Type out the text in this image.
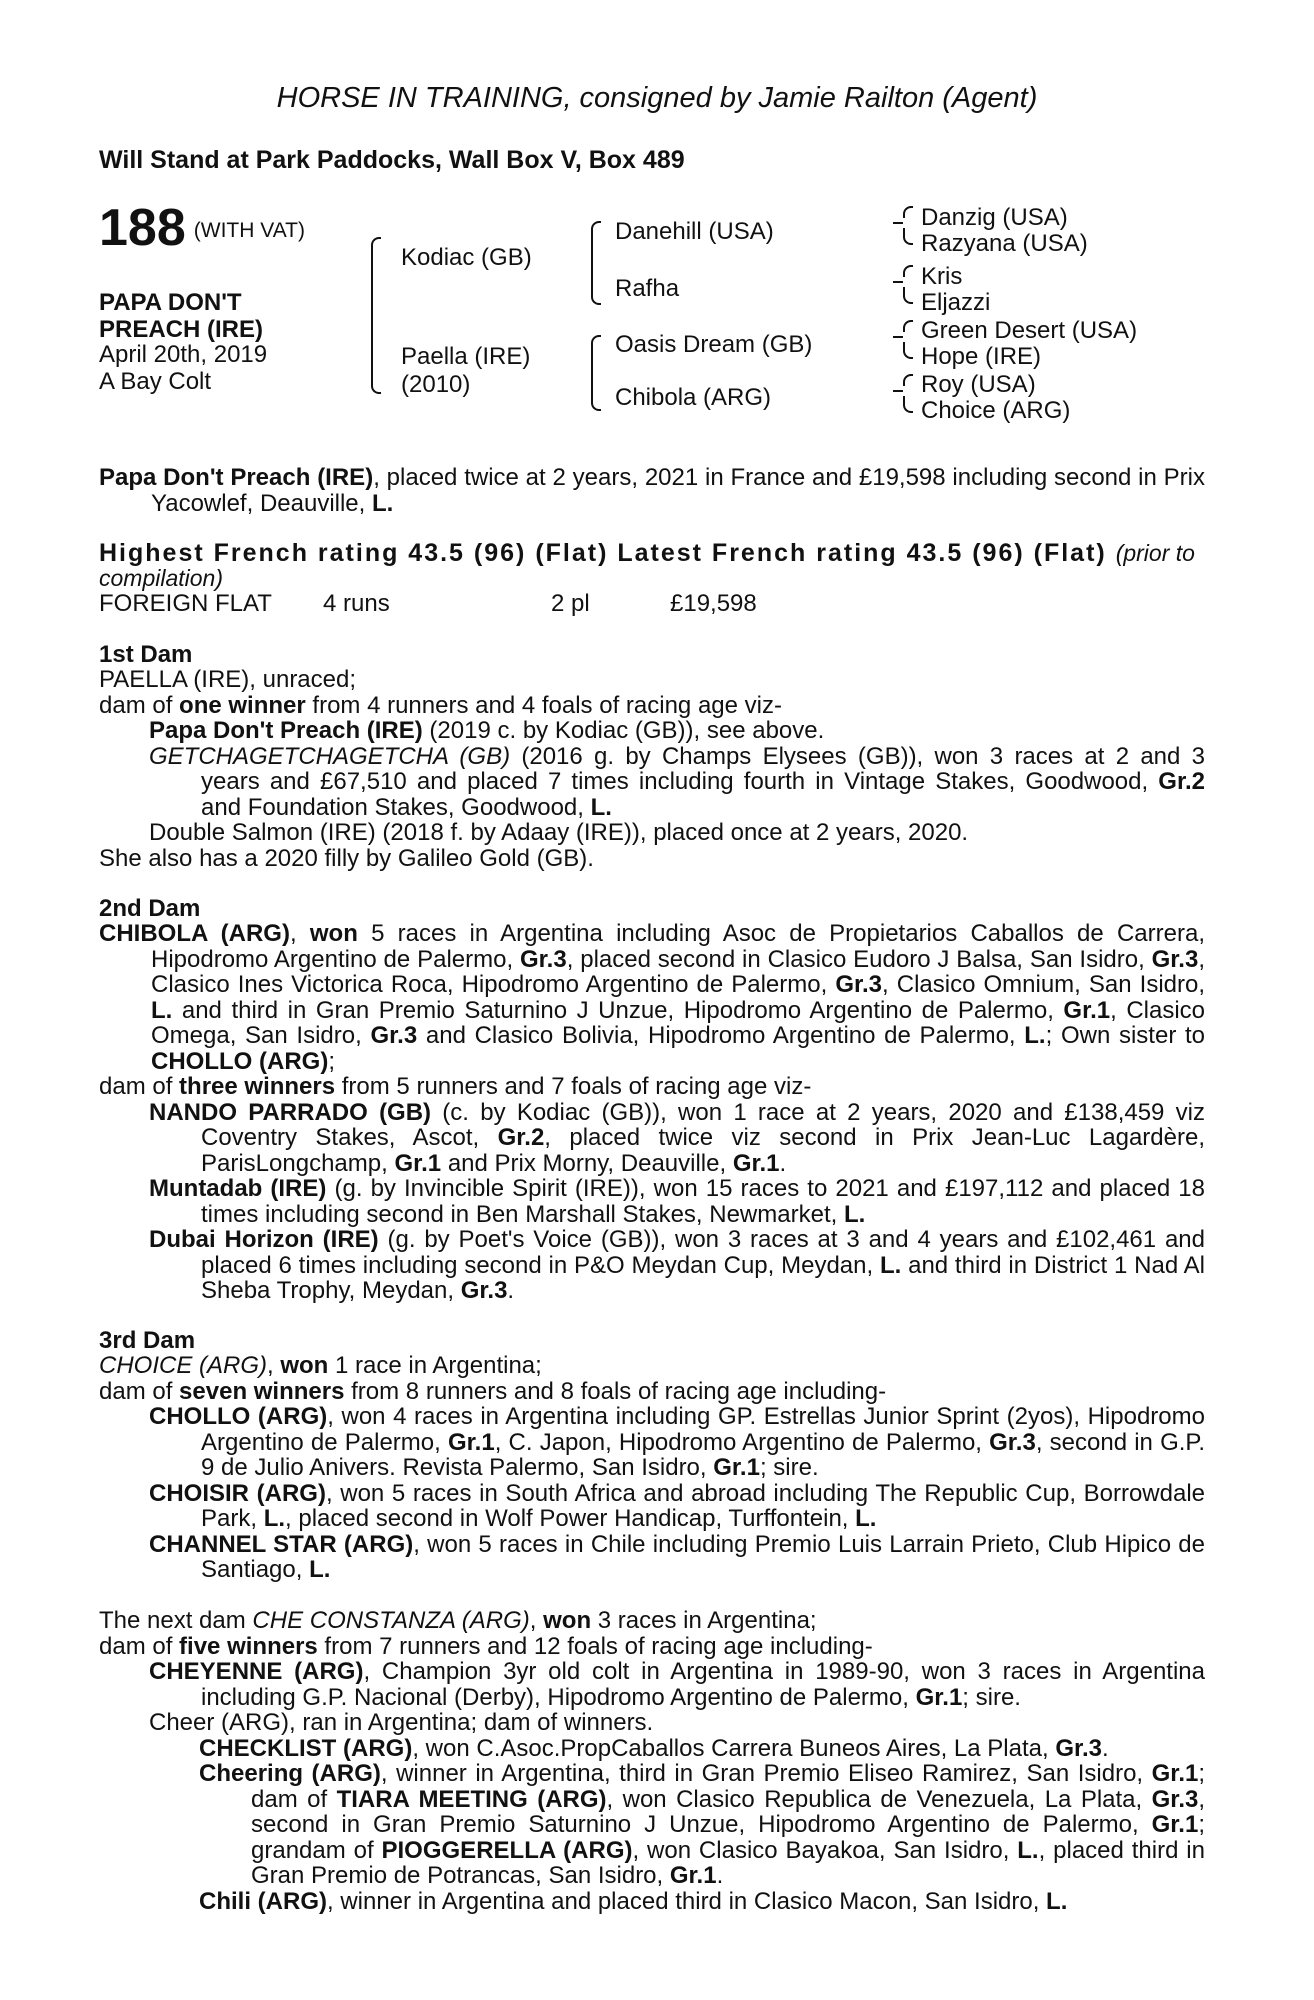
HORSE IN TRAINING, consigned by Jamie Railton (Agent)
Will Stand at Park Paddocks, Wall Box V, Box 489
188 (WITH VAT)
PAPA DON'T PREACH (IRE)
April 20th, 2019
A Bay Colt
Kodiac (GB)
Paella (IRE)
(2010)
Danehill (USA)
Rafha
Oasis Dream (GB)
Chibola (ARG)
Danzig (USA)
Razyana (USA)
Kris
Eljazzi
Green Desert (USA)
Hope (IRE)
Roy (USA)
Choice (ARG)

Papa Don't Preach (IRE), placed twice at 2 years, 2021 in France and £19,598 including second in Prix Yacowlef, Deauville, L.

Highest French rating 43.5 (96) (Flat) Latest French rating 43.5 (96) (Flat) (prior to compilation)
FOREIGN FLAT 4 runs	2 pl	£19,598
1st Dam

PAELLA (IRE), unraced;

dam of one winner from 4 runners and 4 foals of racing age viz-

Papa Don't Preach (IRE) (2019 c. by Kodiac (GB)), see above.

GETCHAGETCHAGETCHA (GB) (2016 g. by Champs Elysees (GB)), won 3 races at 2 and 3 years and £67,510 and placed 7 times including fourth in Vintage Stakes, Goodwood, Gr.2 and Foundation Stakes, Goodwood, L.

Double Salmon (IRE) (2018 f. by Adaay (IRE)), placed once at 2 years, 2020.

She also has a 2020 filly by Galileo Gold (GB).

2nd Dam

CHIBOLA (ARG), won 5 races in Argentina including Asoc de Propietarios Caballos de Carrera, Hipodromo Argentino de Palermo, Gr.3, placed second in Clasico Eudoro J Balsa, San Isidro, Gr.3, Clasico Ines Victorica Roca, Hipodromo Argentino de Palermo, Gr.3, Clasico Omnium, San Isidro, L. and third in Gran Premio Saturnino J Unzue, Hipodromo Argentino de Palermo, Gr.1, Clasico Omega, San Isidro, Gr.3 and Clasico Bolivia, Hipodromo Argentino de Palermo, L.; Own sister to CHOLLO (ARG);

dam of three winners from 5 runners and 7 foals of racing age viz-

NANDO PARRADO (GB) (c. by Kodiac (GB)), won 1 race at 2 years, 2020 and £138,459 viz Coventry Stakes, Ascot, Gr.2, placed twice viz second in Prix Jean-Luc Lagardère, ParisLongchamp, Gr.1 and Prix Morny, Deauville, Gr.1.

Muntadab (IRE) (g. by Invincible Spirit (IRE)), won 15 races to 2021 and £197,112 and placed 18 times including second in Ben Marshall Stakes, Newmarket, L.

Dubai Horizon (IRE) (g. by Poet's Voice (GB)), won 3 races at 3 and 4 years and £102,461 and placed 6 times including second in P&O Meydan Cup, Meydan, L. and third in District 1 Nad Al Sheba Trophy, Meydan, Gr.3.

3rd Dam

CHOICE (ARG), won 1 race in Argentina;

dam of seven winners from 8 runners and 8 foals of racing age including-

CHOLLO (ARG), won 4 races in Argentina including GP. Estrellas Junior Sprint (2yos), Hipodromo Argentino de Palermo, Gr.1, C. Japon, Hipodromo Argentino de Palermo, Gr.3, second in G.P. 9 de Julio Anivers. Revista Palermo, San Isidro, Gr.1; sire.

CHOISIR (ARG), won 5 races in South Africa and abroad including The Republic Cup, Borrowdale Park, L., placed second in Wolf Power Handicap, Turffontein, L.

CHANNEL STAR (ARG), won 5 races in Chile including Premio Luis Larrain Prieto, Club Hipico de Santiago, L.

The next dam CHE CONSTANZA (ARG), won 3 races in Argentina;

dam of five winners from 7 runners and 12 foals of racing age including-

CHEYENNE (ARG), Champion 3yr old colt in Argentina in 1989-90, won 3 races in Argentina including G.P. Nacional (Derby), Hipodromo Argentino de Palermo, Gr.1; sire.

Cheer (ARG), ran in Argentina; dam of winners.

CHECKLIST (ARG), won C.Asoc.PropCaballos Carrera Buneos Aires, La Plata, Gr.3.

Cheering (ARG), winner in Argentina, third in Gran Premio Eliseo Ramirez, San Isidro, Gr.1; dam of TIARA MEETING (ARG), won Clasico Republica de Venezuela, La Plata, Gr.3, second in Gran Premio Saturnino J Unzue, Hipodromo Argentino de Palermo, Gr.1; grandam of PIOGGERELLA (ARG), won Clasico Bayakoa, San Isidro, L., placed third in Gran Premio de Potrancas, San Isidro, Gr.1.

Chili (ARG), winner in Argentina and placed third in Clasico Macon, San Isidro, L.
